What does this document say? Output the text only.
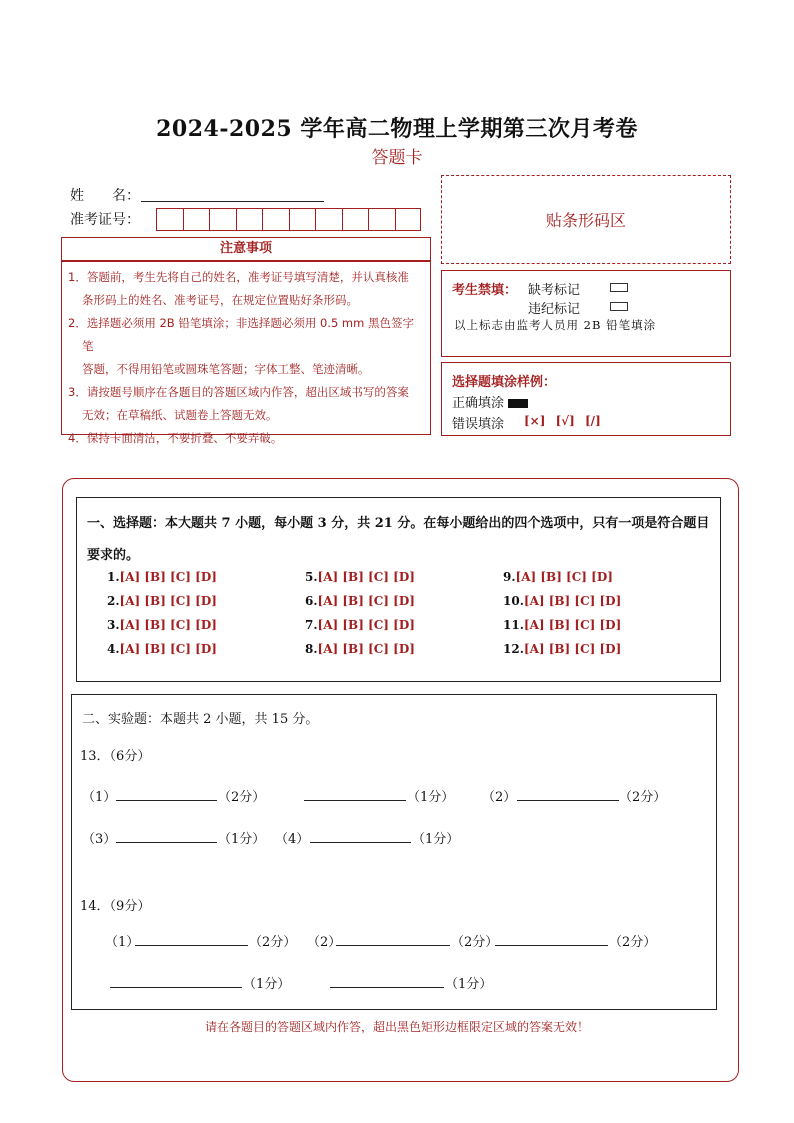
2024-2025 学年高二物理上学期第三次月考卷
答题卡
姓　　名：
准考证号：	贴条形码区
注意事项
1．答题前，考生先将自己的姓名，准考证号填写清楚，并认真核准
条形码上的姓名、准考证号，在规定位置贴好条形码。
2．选择题必须用 2B 铅笔填涂；非选择题必须用 0.5 mm 黑色签字笔
答题，不得用铅笔或圆珠笔答题；字体工整、笔迹清晰。
3．请按题号顺序在各题目的答题区域内作答，超出区域书写的答案
无效；在草稿纸、试题卷上答题无效。
4．保持卡面清洁，不要折叠、不要弄破。
考生禁填： 缺考标记
违纪标记
以上标志由监考人员用 2B 铅笔填涂
选择题填涂样例：
正确填涂
错误填涂 [×] [√] [/]
一、选择题：本大题共 7 小题，每小题 3 分，共 21 分。在每小题给出的四个选项中，只有一项是符合题目要求的。
1.[A] [B] [C] [D]
2.[A] [B] [C] [D]
3.[A] [B] [C] [D]
4.[A] [B] [C] [D]
5.[A] [B] [C] [D]
6.[A] [B] [C] [D]
7.[A] [B] [C] [D]
8.[A] [B] [C] [D]
9.[A] [B] [C] [D]
10.[A] [B] [C] [D]
11.[A] [B] [C] [D]
12.[A] [B] [C] [D]
二、实验题：本题共 2 小题，共 15 分。
13．（6分）
（1）	（2分）	（1分） （2）	（2分）
（3）	（1分） （4）	（1分）
14．（9分）
（1）	（2分） （2）	（2分）	（2分）
（1分）	（1分）
请在各题目的答题区域内作答，超出黑色矩形边框限定区域的答案无效！
